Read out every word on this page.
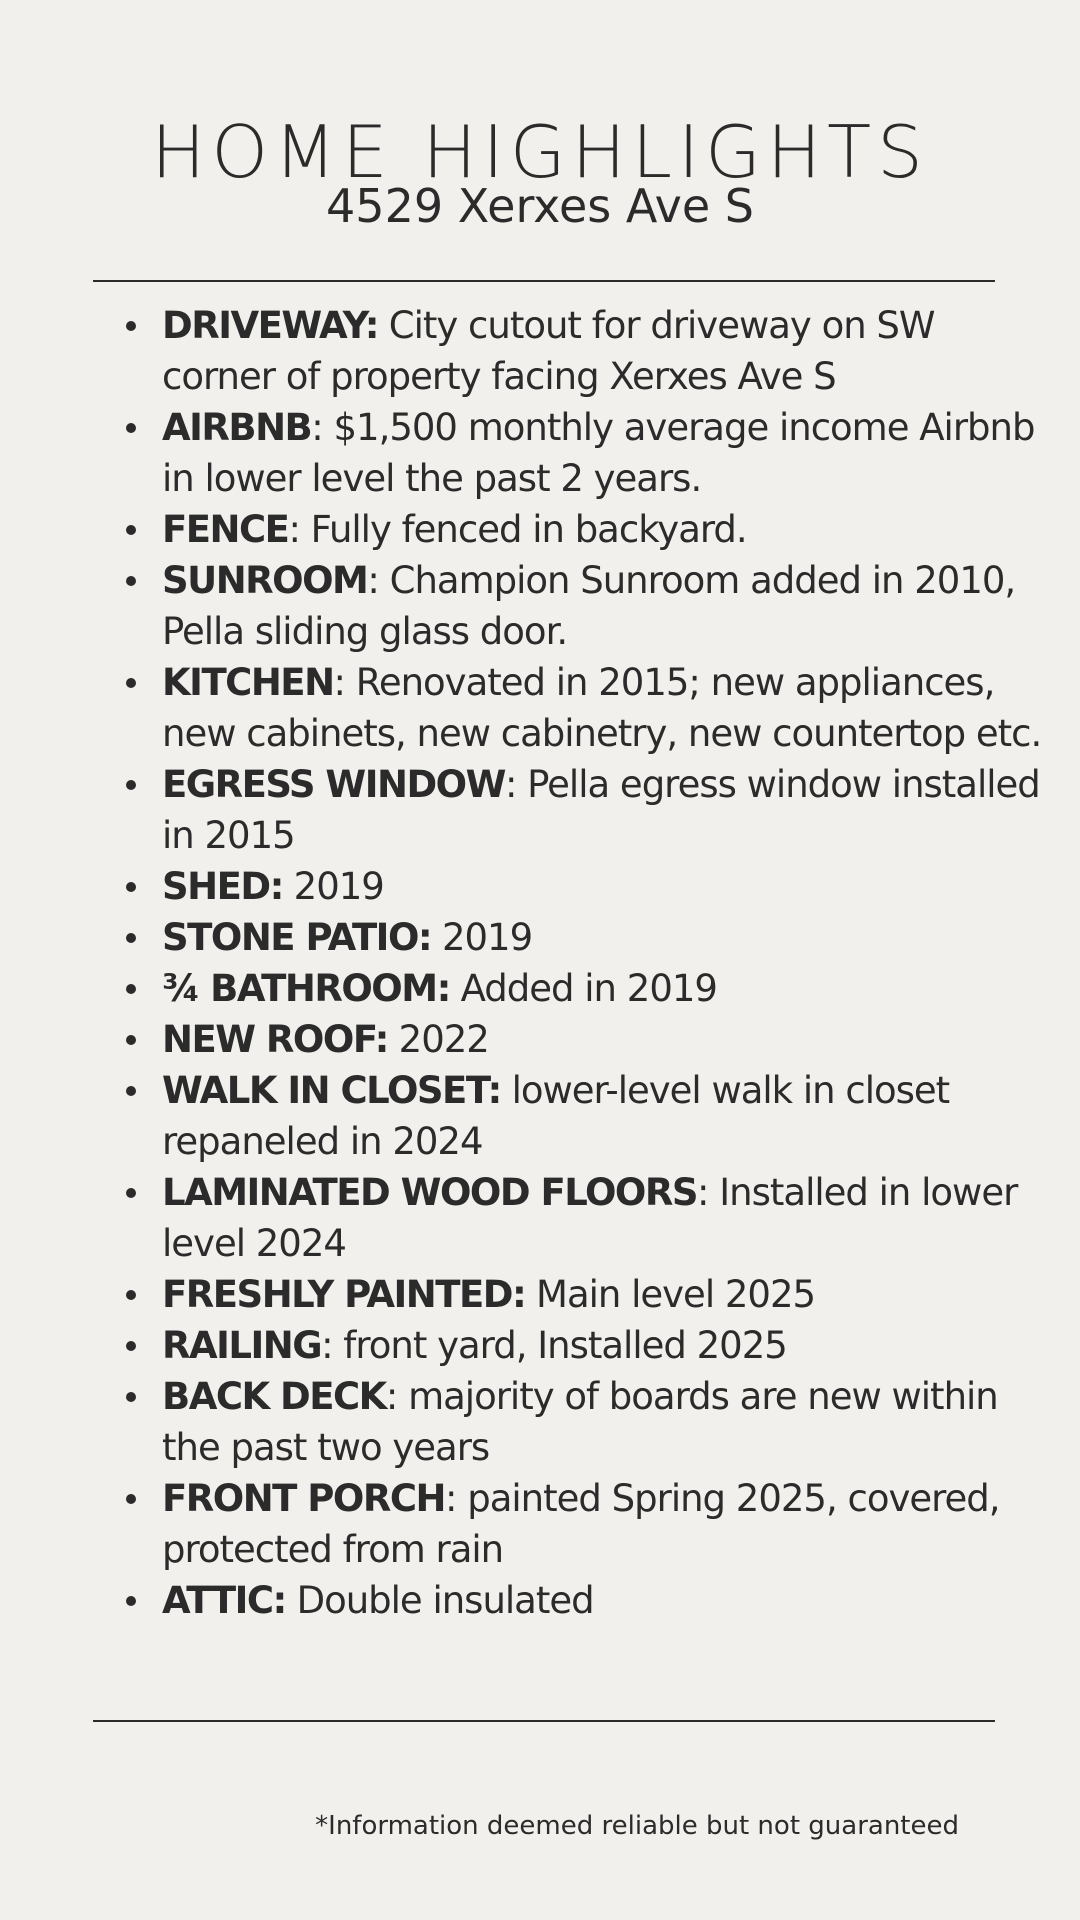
HOME HIGHLIGHTS
4529 Xerxes Ave S
DRIVEWAY: City cutout for driveway on SW corner of property facing Xerxes Ave S
AIRBNB: $1,500 monthly average income Airbnb in lower level the past 2 years.
FENCE: Fully fenced in backyard.
SUNROOM: Champion Sunroom added in 2010, Pella sliding glass door.
KITCHEN: Renovated in 2015; new appliances, new cabinets, new cabinetry, new countertop etc.
EGRESS WINDOW: Pella egress window installed in 2015
SHED: 2019
STONE PATIO: 2019
¾ BATHROOM: Added in 2019
NEW ROOF: 2022
WALK IN CLOSET: lower-level walk in closet repaneled in 2024
LAMINATED WOOD FLOORS: Installed in lower level 2024
FRESHLY PAINTED: Main level 2025
RAILING: front yard, Installed 2025
BACK DECK: majority of boards are new within the past two years
FRONT PORCH: painted Spring 2025, covered, protected from rain
ATTIC: Double insulated
*Information deemed reliable but not guaranteed
